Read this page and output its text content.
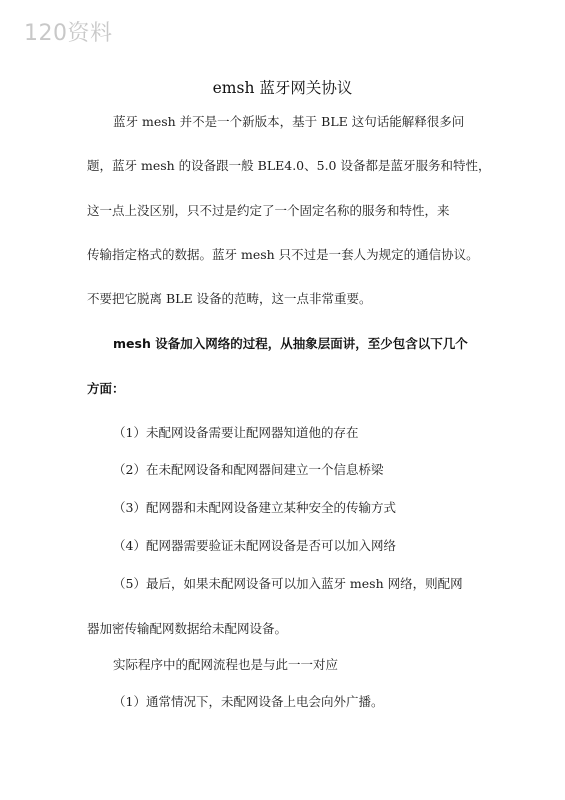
120资料
emsh 蓝牙网关协议
蓝牙 mesh 并不是一个新版本，基于 BLE 这句话能解释很多问
题，蓝牙 mesh 的设备跟一般 BLE4.0、5.0 设备都是蓝牙服务和特性，
这一点上没区别，只不过是约定了一个固定名称的服务和特性，来
传输指定格式的数据。蓝牙 mesh 只不过是一套人为规定的通信协议。
不要把它脱离 BLE 设备的范畴，这一点非常重要。
mesh 设备加入网络的过程，从抽象层面讲，至少包含以下几个
方面：
（1）未配网设备需要让配网器知道他的存在
（2）在未配网设备和配网器间建立一个信息桥梁
（3）配网器和未配网设备建立某种安全的传输方式
（4）配网器需要验证未配网设备是否可以加入网络
（5）最后，如果未配网设备可以加入蓝牙 mesh 网络，则配网
器加密传输配网数据给未配网设备。
实际程序中的配网流程也是与此一一对应
（1）通常情况下，未配网设备上电会向外广播。
